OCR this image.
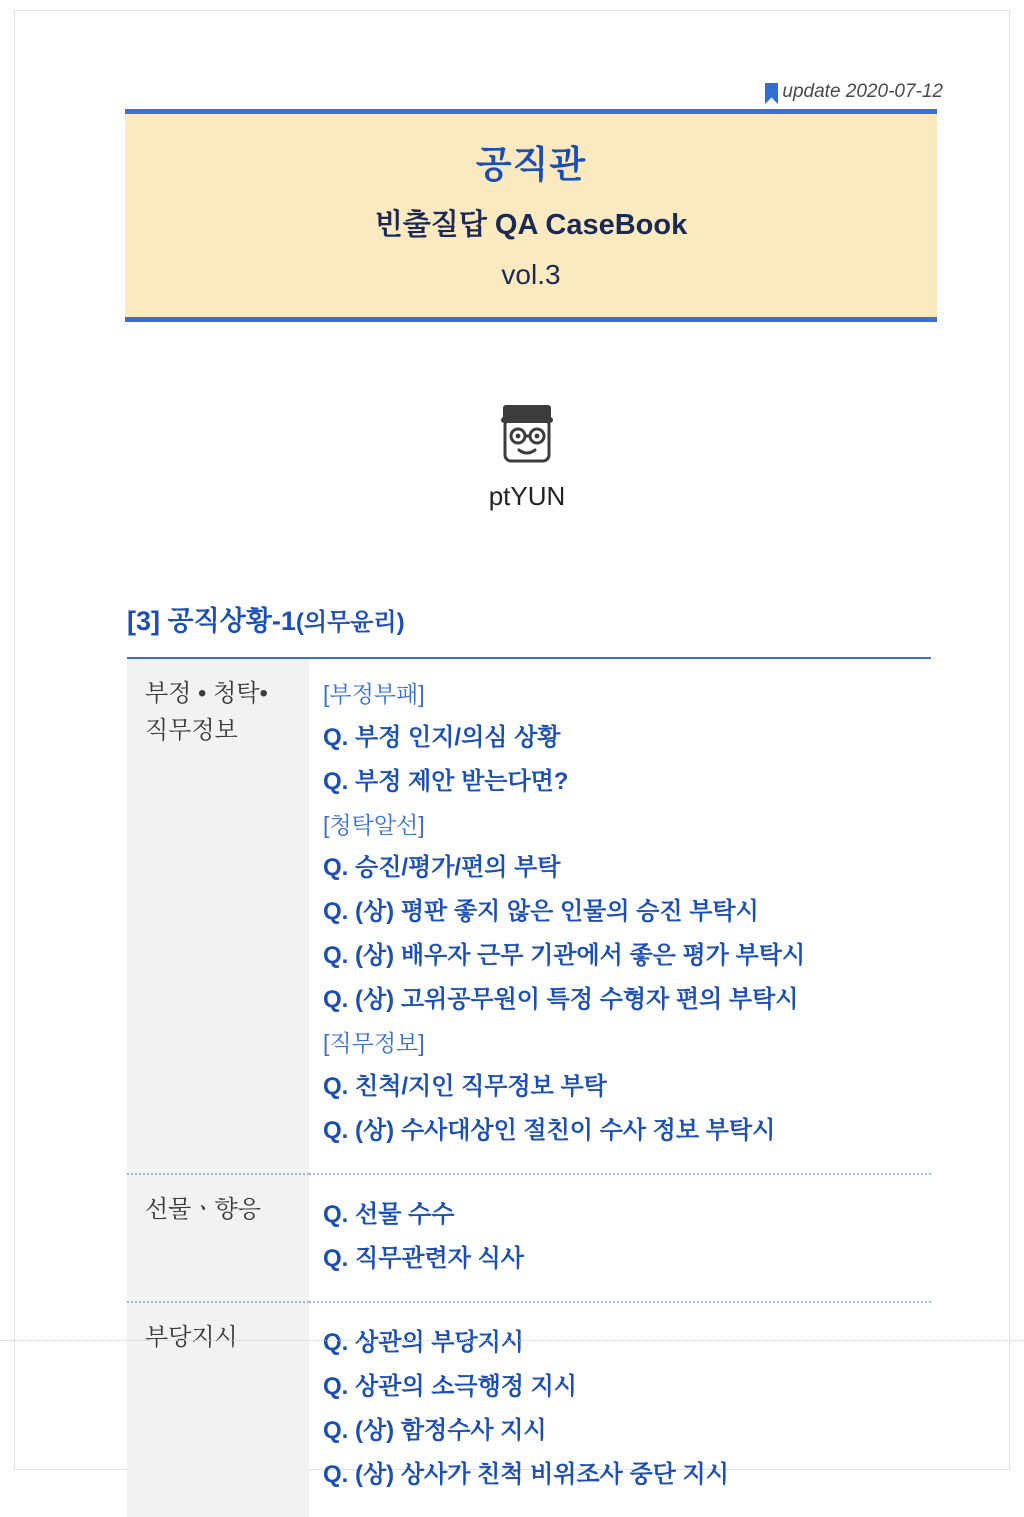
update 2020-07-12
공직관
빈출질답 QA CaseBook
vol.3
ptYUN
[3] 공직상황-1(의무윤리)
부정 • 청탁•
직무정보

[부정부패]
Q. 부정 인지/의심 상황
Q. 부정 제안 받는다면?
[청탁알선]
Q. 승진/평가/편의 부탁
Q. (상) 평판 좋지 않은 인물의 승진 부탁시
Q. (상) 배우자 근무 기관에서 좋은 평가 부탁시
Q. (상) 고위공무원이 특정 수형자 편의 부탁시
[직무정보]
Q. 친척/지인 직무정보 부탁
Q. (상) 수사대상인 절친이 수사 정보 부탁시

선물ㆍ향응	Q. 선물 수수
Q. 직무관련자 식사

부당지시	Q. 상관의 부당지시
Q. 상관의 소극행정 지시
Q. (상) 함정수사 지시
Q. (상) 상사가 친척 비위조사 중단 지시
